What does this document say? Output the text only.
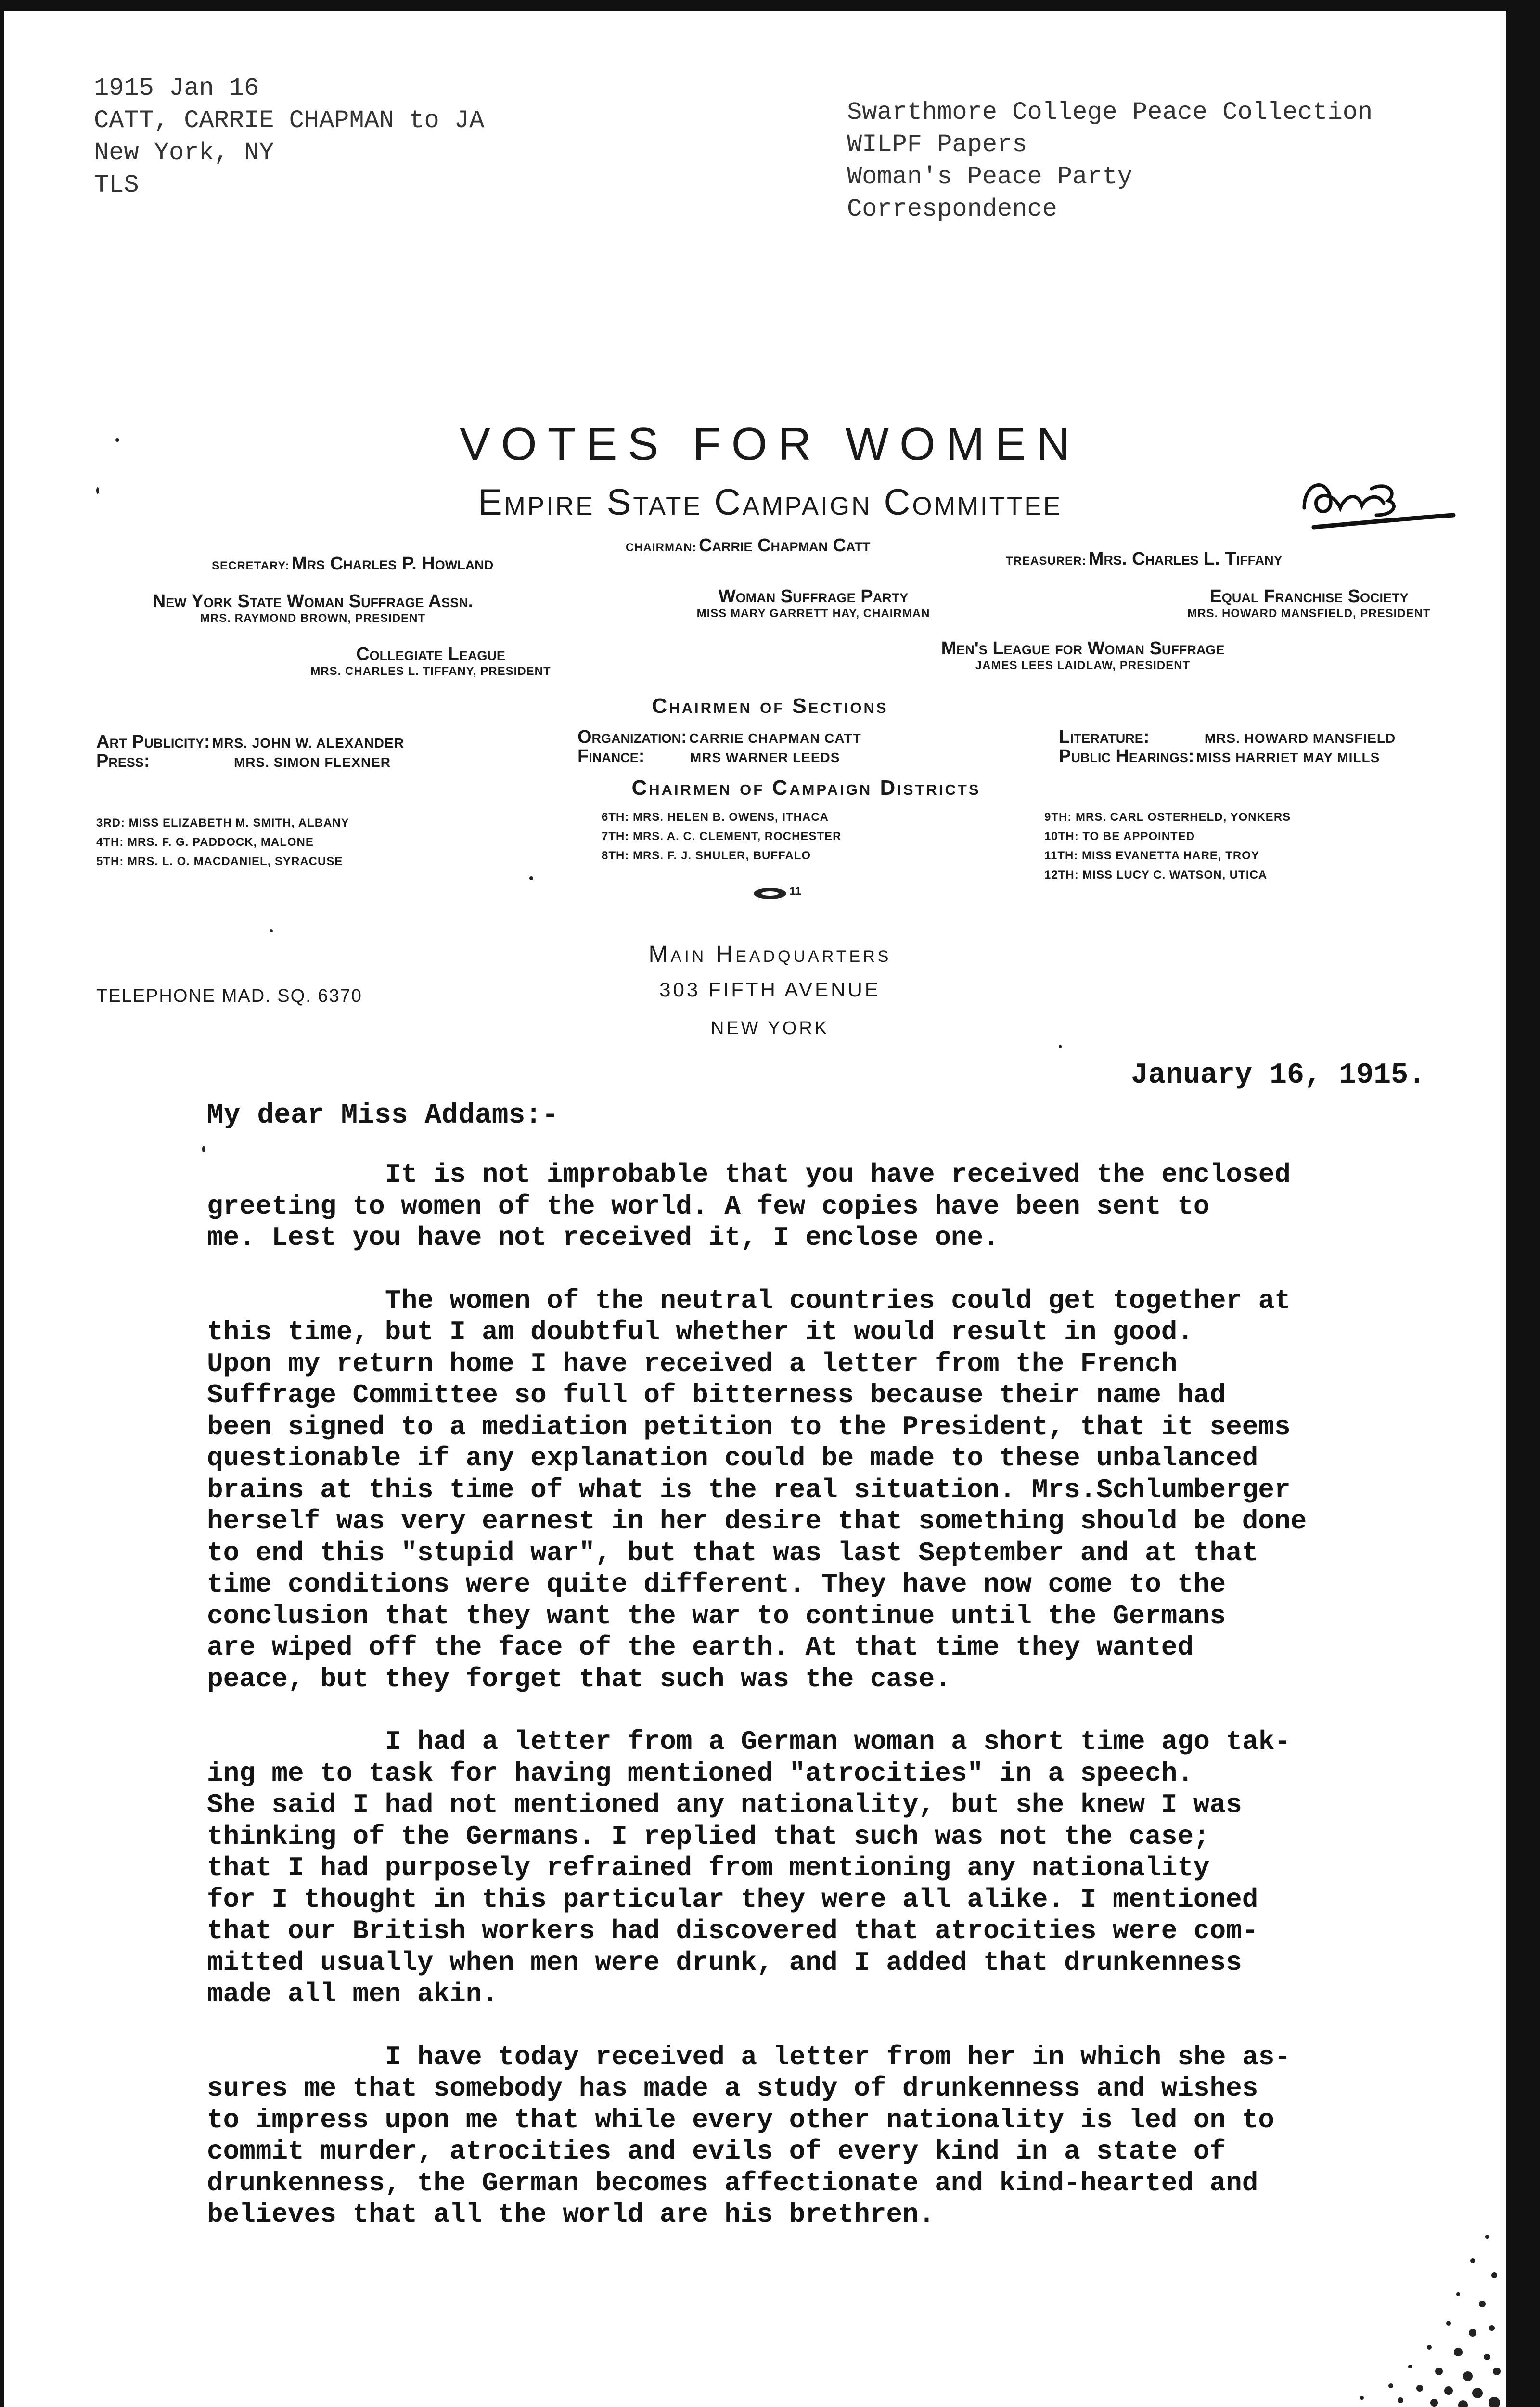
1915 Jan 16
CATT, CARRIE CHAPMAN to JA
New York, NY
TLS
Swarthmore College Peace Collection
WILPF Papers
Woman's Peace Party
Correspondence
VOTES FOR WOMEN
Empire State Campaign Committee
CHAIRMAN: Carrie Chapman Catt
SECRETARY: Mrs Charles P. Howland	TREASURER: Mrs. Charles L. Tiffany
New York State Woman Suffrage Assn.
MRS. RAYMOND BROWN, PRESIDENT
Woman Suffrage Party
MISS MARY GARRETT HAY, CHAIRMAN
Equal Franchise Society
MRS. HOWARD MANSFIELD, PRESIDENT
Collegiate League
MRS. CHARLES L. TIFFANY, PRESIDENT
Men's League for Woman Suffrage
JAMES LEES LAIDLAW, PRESIDENT
Chairmen of Sections
Art Publicity: MRS. JOHN W. ALEXANDER
Press:	MRS. SIMON FLEXNER
Organization: CARRIE CHAPMAN CATT
Finance:	MRS WARNER LEEDS
Literature:	MRS. HOWARD MANSFIELD
Public Hearings: MISS HARRIET MAY MILLS
Chairmen of Campaign Districts
3RD: MISS ELIZABETH M. SMITH, ALBANY
4TH: MRS. F. G. PADDOCK, MALONE
5TH: MRS. L. O. MACDANIEL, SYRACUSE
6TH: MRS. HELEN B. OWENS, ITHACA
7TH: MRS. A. C. CLEMENT, ROCHESTER
8TH: MRS. F. J. SHULER, BUFFALO
9TH: MRS. CARL OSTERHELD, YONKERS
10TH: TO BE APPOINTED
11TH: MISS EVANETTA HARE, TROY
12TH: MISS LUCY C. WATSON, UTICA
11
Main Headquarters
303 FIFTH AVENUE
NEW YORK
TELEPHONE MAD. SQ. 6370
January 16, 1915.
My dear Miss Addams:-

It is not improbable that you have received the enclosed
greeting to women of the world. A few copies have been sent to
me. Lest you have not received it, I enclose one.

The women of the neutral countries could get together at
this time, but I am doubtful whether it would result in good.
Upon my return home I have received a letter from the French
Suffrage Committee so full of bitterness because their name had
been signed to a mediation petition to the President, that it seems
questionable if any explanation could be made to these unbalanced
brains at this time of what is the real situation. Mrs.Schlumberger
herself was very earnest in her desire that something should be done
to end this "stupid war", but that was last September and at that
time conditions were quite different. They have now come to the
conclusion that they want the war to continue until the Germans
are wiped off the face of the earth. At that time they wanted
peace, but they forget that such was the case.

I had a letter from a German woman a short time ago tak-
ing me to task for having mentioned "atrocities" in a speech.
She said I had not mentioned any nationality, but she knew I was
thinking of the Germans. I replied that such was not the case;
that I had purposely refrained from mentioning any nationality
for I thought in this particular they were all alike. I mentioned
that our British workers had discovered that atrocities were com-
mitted usually when men were drunk, and I added that drunkenness
made all men akin.

I have today received a letter from her in which she as-
sures me that somebody has made a study of drunkenness and wishes
to impress upon me that while every other nationality is led on to
commit murder, atrocities and evils of every kind in a state of
drunkenness, the German becomes affectionate and kind-hearted and
believes that all the world are his brethren.
